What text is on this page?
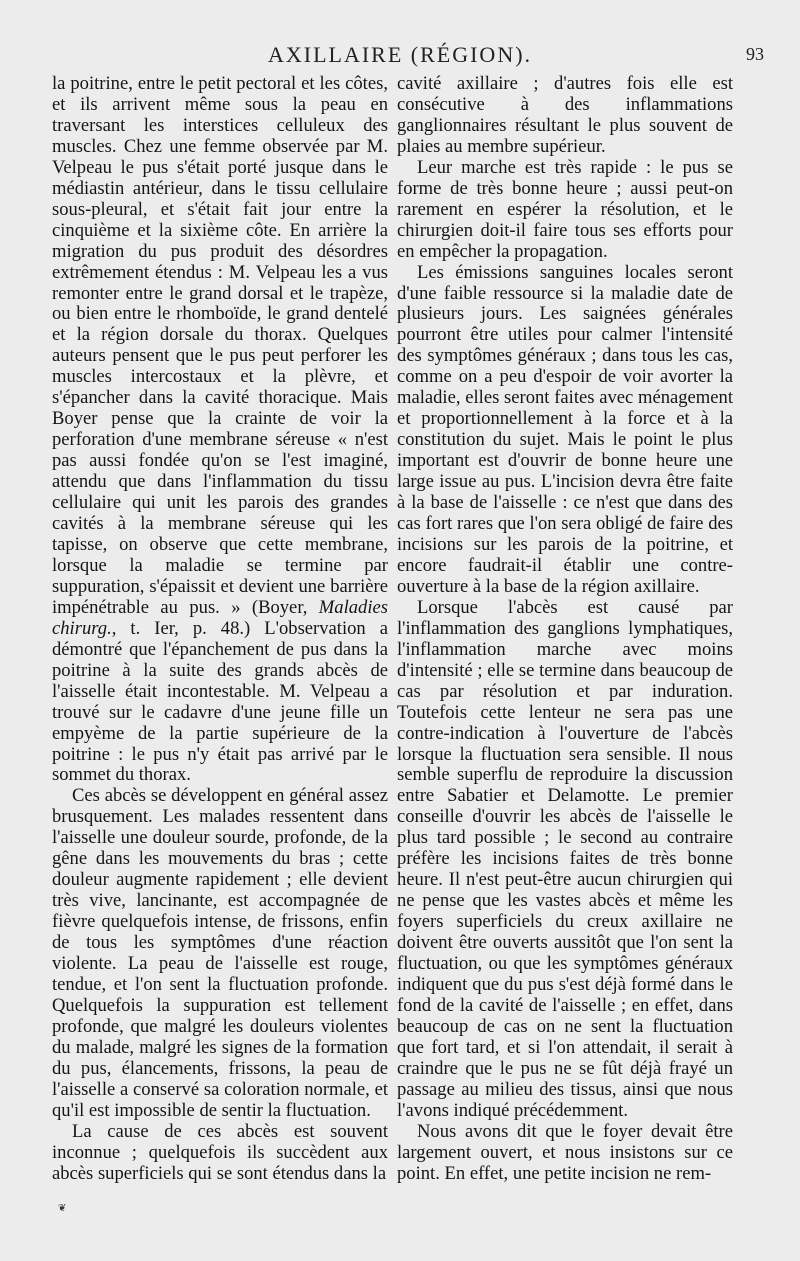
AXILLAIRE (RÉGION).	93

la poitrine, entre le petit pectoral et les côtes, et ils arrivent même sous la peau en traversant les interstices celluleux des muscles. Chez une femme observée par M. Velpeau le pus s'était porté jusque dans le médiastin antérieur, dans le tissu cellulaire sous-pleural, et s'était fait jour entre la cinquième et la sixième côte. En arrière la migration du pus produit des désordres extrêmement étendus : M. Velpeau les a vus remonter entre le grand dorsal et le trapèze, ou bien entre le rhomboïde, le grand dentelé et la région dorsale du thorax. Quelques auteurs pensent que le pus peut perforer les muscles intercostaux et la plèvre, et s'épancher dans la cavité thoracique. Mais Boyer pense que la crainte de voir la perforation d'une membrane séreuse « n'est pas aussi fondée qu'on se l'est imaginé, attendu que dans l'inflammation du tissu cellulaire qui unit les parois des grandes cavités à la membrane séreuse qui les tapisse, on observe que cette membrane, lorsque la maladie se termine par suppuration, s'épaissit et devient une barrière impénétrable au pus. » (Boyer, Maladies chirurg., t. Ier, p. 48.) L'observation a démontré que l'épanchement de pus dans la poitrine à la suite des grands abcès de l'aisselle était incontestable. M. Velpeau a trouvé sur le cadavre d'une jeune fille un empyème de la partie supérieure de la poitrine : le pus n'y était pas arrivé par le sommet du thorax.

Ces abcès se développent en général assez brusquement. Les malades ressentent dans l'aisselle une douleur sourde, profonde, de la gêne dans les mouvements du bras ; cette douleur augmente rapidement ; elle devient très vive, lancinante, est accompagnée de fièvre quelquefois intense, de frissons, enfin de tous les symptômes d'une réaction violente. La peau de l'aisselle est rouge, tendue, et l'on sent la fluctuation profonde. Quelquefois la suppuration est tellement profonde, que malgré les douleurs violentes du malade, malgré les signes de la formation du pus, élancements, frissons, la peau de l'aisselle a conservé sa coloration normale, et qu'il est impossible de sentir la fluctuation.

La cause de ces abcès est souvent inconnue ; quelquefois ils succèdent aux abcès superficiels qui se sont étendus dans la

cavité axillaire ; d'autres fois elle est consécutive à des inflammations ganglionnaires résultant le plus souvent de plaies au membre supérieur.

Leur marche est très rapide : le pus se forme de très bonne heure ; aussi peut-on rarement en espérer la résolution, et le chirurgien doit-il faire tous ses efforts pour en empêcher la propagation.

Les émissions sanguines locales seront d'une faible ressource si la maladie date de plusieurs jours. Les saignées générales pourront être utiles pour calmer l'intensité des symptômes généraux ; dans tous les cas, comme on a peu d'espoir de voir avorter la maladie, elles seront faites avec ménagement et proportionnellement à la force et à la constitution du sujet. Mais le point le plus important est d'ouvrir de bonne heure une large issue au pus. L'incision devra être faite à la base de l'aisselle : ce n'est que dans des cas fort rares que l'on sera obligé de faire des incisions sur les parois de la poitrine, et encore faudrait-il établir une contre-ouverture à la base de la région axillaire.

Lorsque l'abcès est causé par l'inflammation des ganglions lymphatiques, l'inflammation marche avec moins d'intensité ; elle se termine dans beaucoup de cas par résolution et par induration. Toutefois cette lenteur ne sera pas une contre-indication à l'ouverture de l'abcès lorsque la fluctuation sera sensible. Il nous semble superflu de reproduire la discussion entre Sabatier et Delamotte. Le premier conseille d'ouvrir les abcès de l'aisselle le plus tard possible ; le second au contraire préfère les incisions faites de très bonne heure. Il n'est peut-être aucun chirurgien qui ne pense que les vastes abcès et même les foyers superficiels du creux axillaire ne doivent être ouverts aussitôt que l'on sent la fluctuation, ou que les symptômes généraux indiquent que du pus s'est déjà formé dans le fond de la cavité de l'aisselle ; en effet, dans beaucoup de cas on ne sent la fluctuation que fort tard, et si l'on attendait, il serait à craindre que le pus ne se fût déjà frayé un passage au milieu des tissus, ainsi que nous l'avons indiqué précédemment.

Nous avons dit que le foyer devait être largement ouvert, et nous insistons sur ce point. En effet, une petite incision ne rem-

❦
